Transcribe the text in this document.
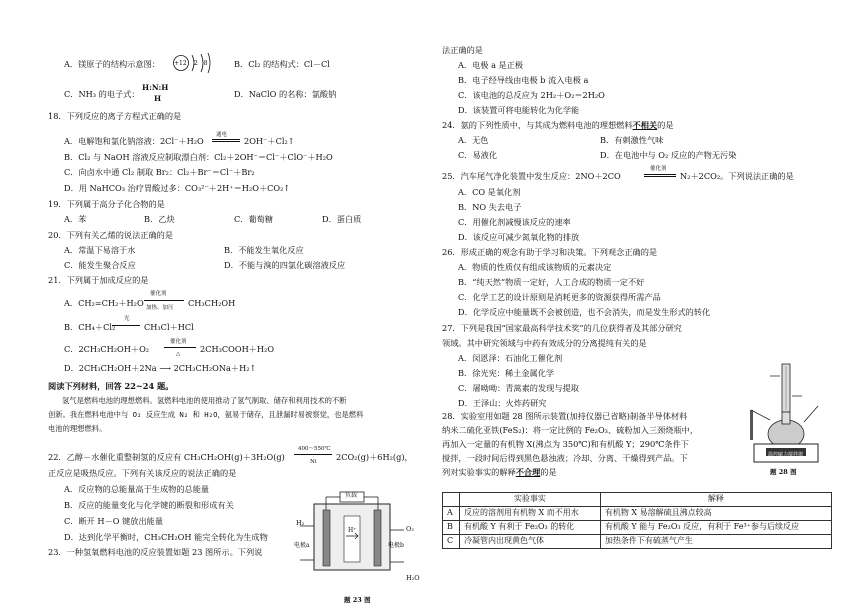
A．镁原子的结构示意图： +12 2 8	B．Cl₂ 的结构式：Cl－Cl
C．NH₃ 的电子式：
H:N:H
H	D．NaClO 的名称：氯酸钠
18．下列反应的离子方程式正确的是
A．电解饱和氯化钠溶液：2Cl⁻＋H₂O
通电
2OH⁻＋Cl₂↑
B．Cl₂ 与 NaOH 溶液反应制取漂白剂：Cl₂＋2OH⁻＝Cl⁻＋ClO⁻＋H₂O
C．向卤水中通 Cl₂ 制取 Br₂：Cl₂＋Br⁻＝Cl⁻＋Br₂
D．用 NaHCO₃ 治疗胃酸过多：CO₃²⁻＋2H⁺＝H₂O＋CO₂↑
19．下列属于高分子化合物的是
A．苯	B．乙炔	C．葡萄糖	D．蛋白质
20．下列有关乙烯的说法正确的是
A．常温下易溶于水	B．不能发生氧化反应
C．能发生聚合反应	D．不能与溴的四氯化碳溶液反应
21．下列属于加成反应的是
A．CH₂=CH₂＋H₂O
催化剂
加热、加压 CH₃CH₂OH
B．CH₄＋Cl₂
光
CH₃Cl＋HCl
C．2CH₃CH₂OH＋O₂
催化剂
△ 2CH₃COOH＋H₂O
D．2CH₃CH₂OH＋2Na ⟶ 2CH₃CH₂ONa＋H₂↑
阅读下列材料，回答 22~24 题。
氢气是燃料电池的理想燃料。氢燃料电池的使用推动了氢气制取、储存和利用技术的不断
创新。我在燃料电池中与 O₂ 反应生成 N₂ 和 H₂O，氨易于储存，且泄漏时易被察觉，也是燃料
电池的理想燃料。
22．乙醇－水催化重整制氢的反应有 CH₃CH₂OH(g)＋3H₂O(g)
400～550℃
Ni 2CO₂(g)＋6H₂(g)，
正反应是吸热反应。下列有关该反应的说法正确的是
A．反应物的总能量高于生成物的总能量
B．反应的能量变化与化学键的断裂和形成有关
C．断开 H－O 键放出能量
D．达到化学平衡时，CH₃CH₂OH 能完全转化为生成物
23．一种氢氧燃料电池的反应装置如题 23 图所示。下列说
负载
H₂
O₂
H⁺
电极a	电极b
H₂O
题 23 图
法正确的是
A．电极 a 是正极
B．电子经导线由电极 b 流入电极 a
C．该电池的总反应为 2H₂＋O₂＝2H₂O
D．该装置可将电能转化为化学能
24．氨的下列性质中，与其成为燃料电池的理想燃料不相关的是
A．无色	B．有刺激性气味
C．易液化	D．在电池中与 O₂ 反应的产物无污染
25．汽车尾气净化装置中发生反应：2NO＋2CO
催化剂
N₂＋2CO₂。下列说法正确的是
A．CO 是氧化剂
B．NO 失去电子
C．用催化剂减慢该反应的速率
D．该反应可减少氮氧化物的排放
26．形成正确的观念有助于学习和决策。下列观念正确的是
A．物质的性质仅有组成该物质的元素决定
B．“纯天然”物质一定好，人工合成的物质一定不好
C．化学工艺的设计原则是消耗更多的资源获得所需产品
D．化学反应中能量既不会被创造，也不会消失，而是发生形式的转化
27．下列是我国“国家最高科学技术奖”的几位获得者及其部分研究
领域。其中研究领域与中药有效成分的分离提纯有关的是
A．闵恩泽：石油化工催化剂
B．徐光宪：稀土金属化学
C．屠呦呦：青蒿素的发现与提取
D．王泽山：火炸药研究
28．实验室用如题 28 图所示装置(加持仪器已省略)制备半导体材料
纳米二硫化亚铁(FeS₂)：将一定比例的 Fe₂O₃、硫粉加入三颈烧瓶中，
再加入一定量的有机物 X(沸点为 350℃)和有机酸 Y；290℃条件下
搅拌，一段时间后得到黑色悬浊液；冷却、分离、干燥得到产品。下
列对实验事实的解释不合理的是
温控磁力搅拌器
题 28 图
	实验事实	解释
A	反应的溶剂用有机物 X 而不用水	有机物 X 易溶解硫且沸点较高
B	有机酸 Y 有利于 Fe₂O₃ 的转化	有机酸 Y 能与 Fe₂O₃ 反应，有利于 Fe³⁺参与后续反应
C	冷凝管内出现黄色气体	加热条件下有硫蒸气产生
